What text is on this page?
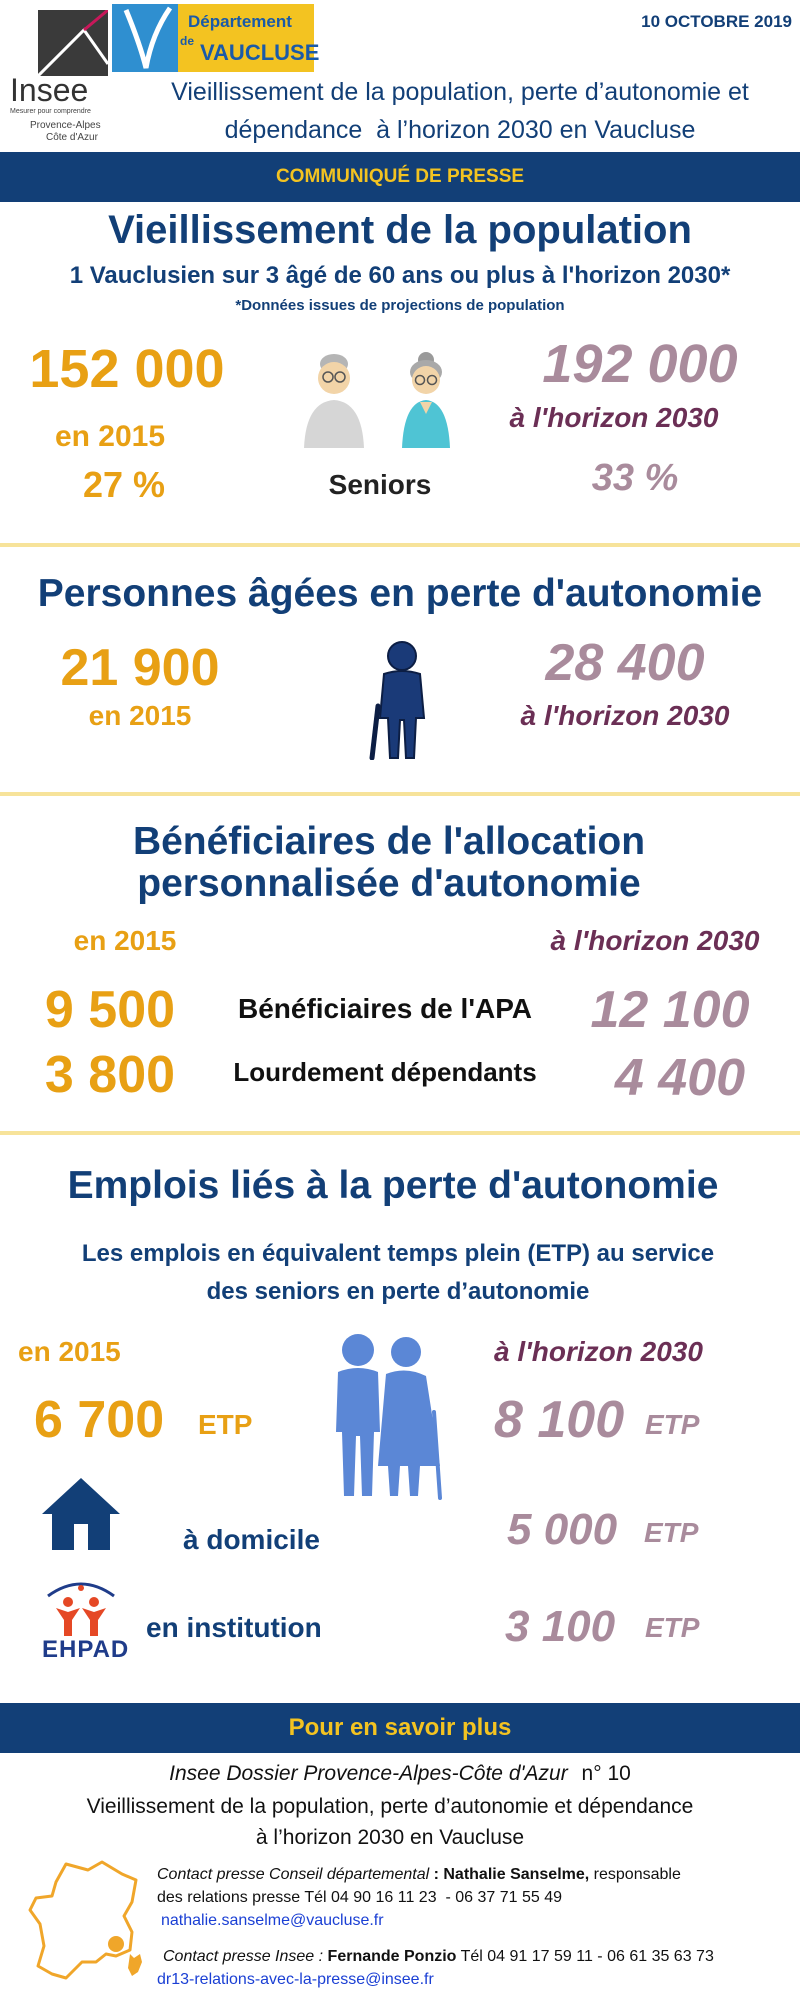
Insee
Mesurer pour comprendre
Provence-Alpes
Côte d'Azur
Département
de VAUCLUSE
10 OCTOBRE 2019
Vieillissement de la population, perte d’autonomie et
dépendance  à l’horizon 2030 en Vaucluse
COMMUNIQUÉ DE PRESSE
Vieillissement de la population
1 Vauclusien sur 3 âgé de 60 ans ou plus à l'horizon 2030*
*Données issues de projections de population
152 000
en 2015
27 %	Seniors
192 000
à l'horizon 2030
33 %
Personnes âgées en perte d'autonomie
21 900
en 2015
28 400
à l'horizon 2030
Bénéficiaires de l'allocation
personnalisée d'autonomie
en 2015	à l'horizon 2030
9 500	Bénéficiaires de l'APA	12 100
3 800	Lourdement dépendants	4 400
Emplois liés à la perte d'autonomie
Les emplois en équivalent temps plein (ETP) au service
des seniors en perte d’autonomie
en 2015	à l'horizon 2030
6 700 ETP	8 100 ETP
à domicile	5 000 ETP
EHPAD
en institution	3 100 ETP
Pour en savoir plus
Insee Dossier Provence-Alpes-Côte d'Azur n° 10
Vieillissement de la population, perte d’autonomie et dépendance
à l’horizon 2030 en Vaucluse
Contact presse Conseil départemental : Nathalie Sanselme, responsable
des relations presse Tél 04 90 16 11 23  - 06 37 71 55 49
nathalie.sanselme@vaucluse.fr
Contact presse Insee : Fernande Ponzio Tél 04 91 17 59 11 - 06 61 35 63 73
dr13-relations-avec-la-presse@insee.fr
